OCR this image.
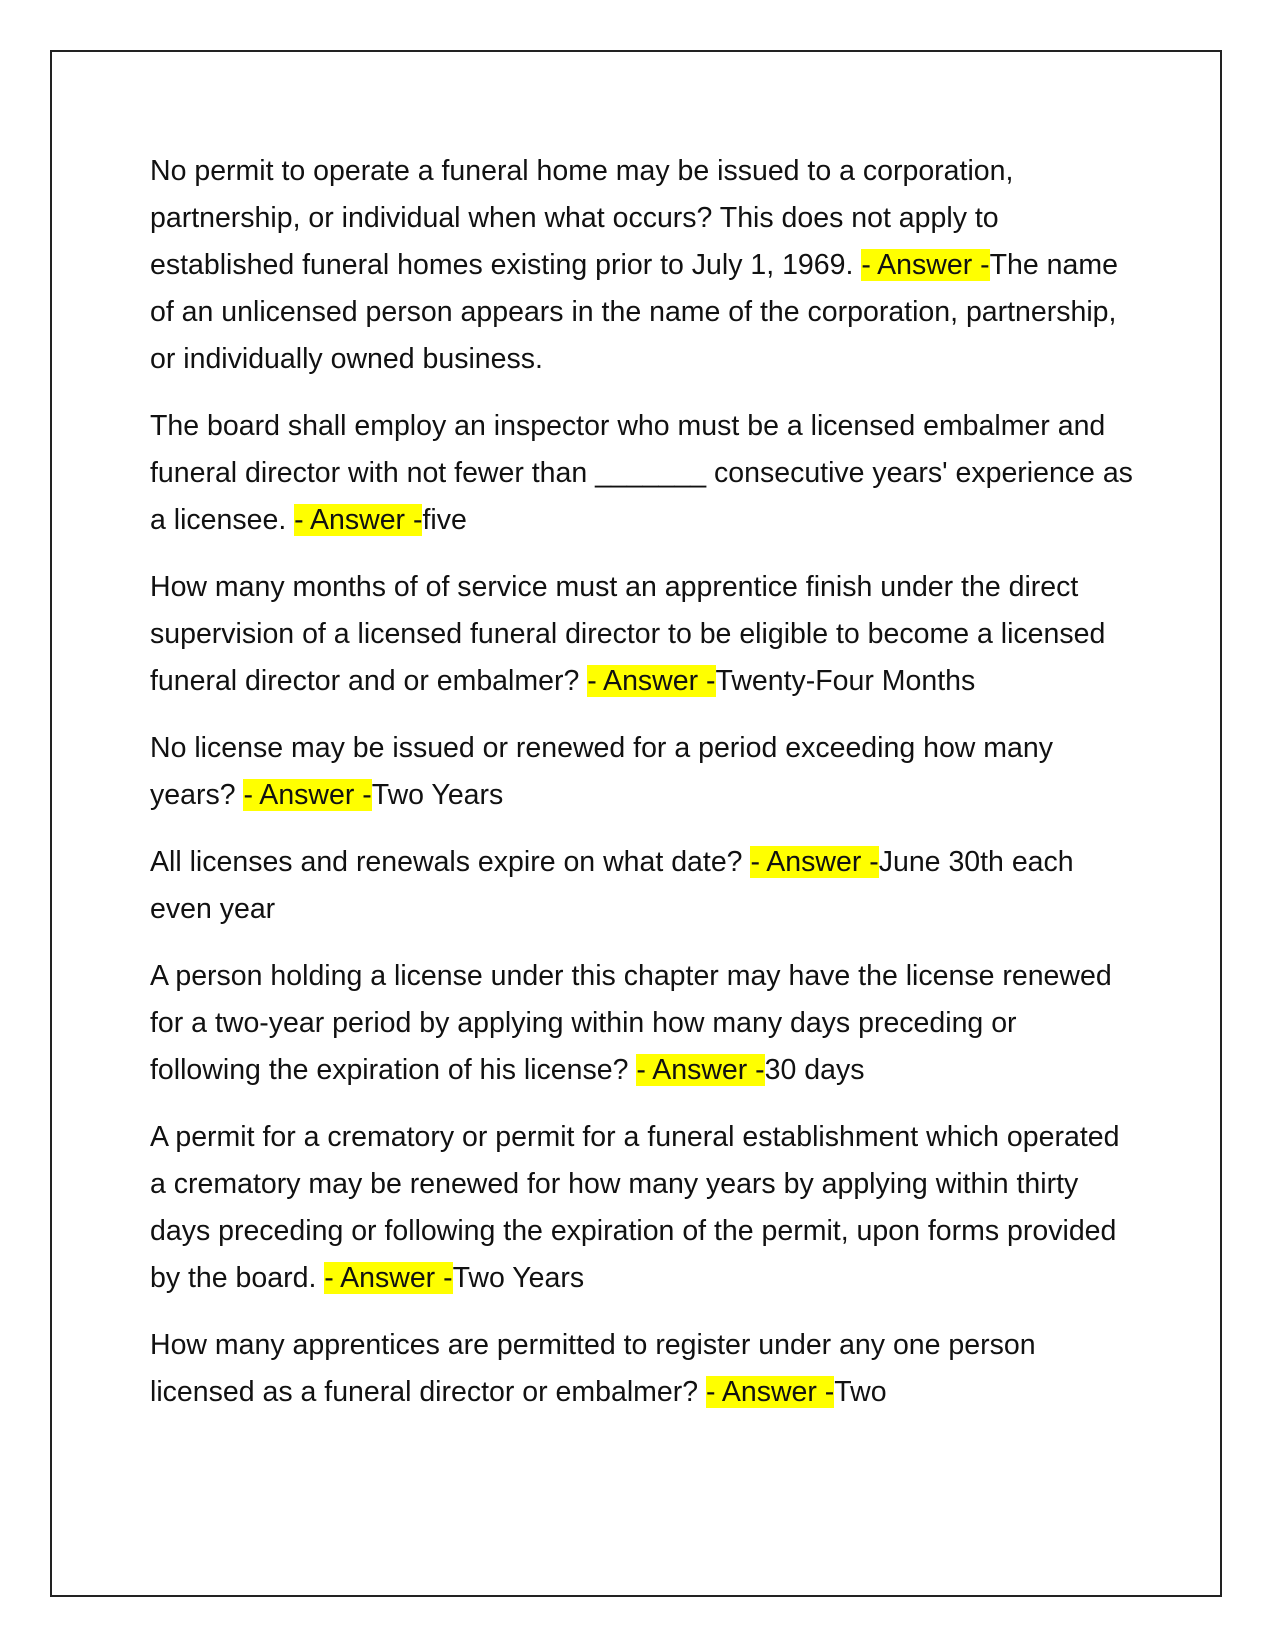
No permit to operate a funeral home may be issued to a corporation, partnership, or individual when what occurs? This does not apply to established funeral homes existing prior to July 1, 1969. - Answer -The name of an unlicensed person appears in the name of the corporation, partnership, or individually owned business.

The board shall employ an inspector who must be a licensed embalmer and funeral director with not fewer than _______ consecutive years' experience as a licensee. - Answer -five

How many months of of service must an apprentice finish under the direct supervision of a licensed funeral director to be eligible to become a licensed funeral director and or embalmer? - Answer -Twenty-Four Months

No license may be issued or renewed for a period exceeding how many years? - Answer -Two Years

All licenses and renewals expire on what date? - Answer -June 30th each even year

A person holding a license under this chapter may have the license renewed for a two-year period by applying within how many days preceding or following the expiration of his license? - Answer -30 days

A permit for a crematory or permit for a funeral establishment which operated a crematory may be renewed for how many years by applying within thirty days preceding or following the expiration of the permit, upon forms provided by the board. - Answer -Two Years

How many apprentices are permitted to register under any one person licensed as a funeral director or embalmer? - Answer -Two
